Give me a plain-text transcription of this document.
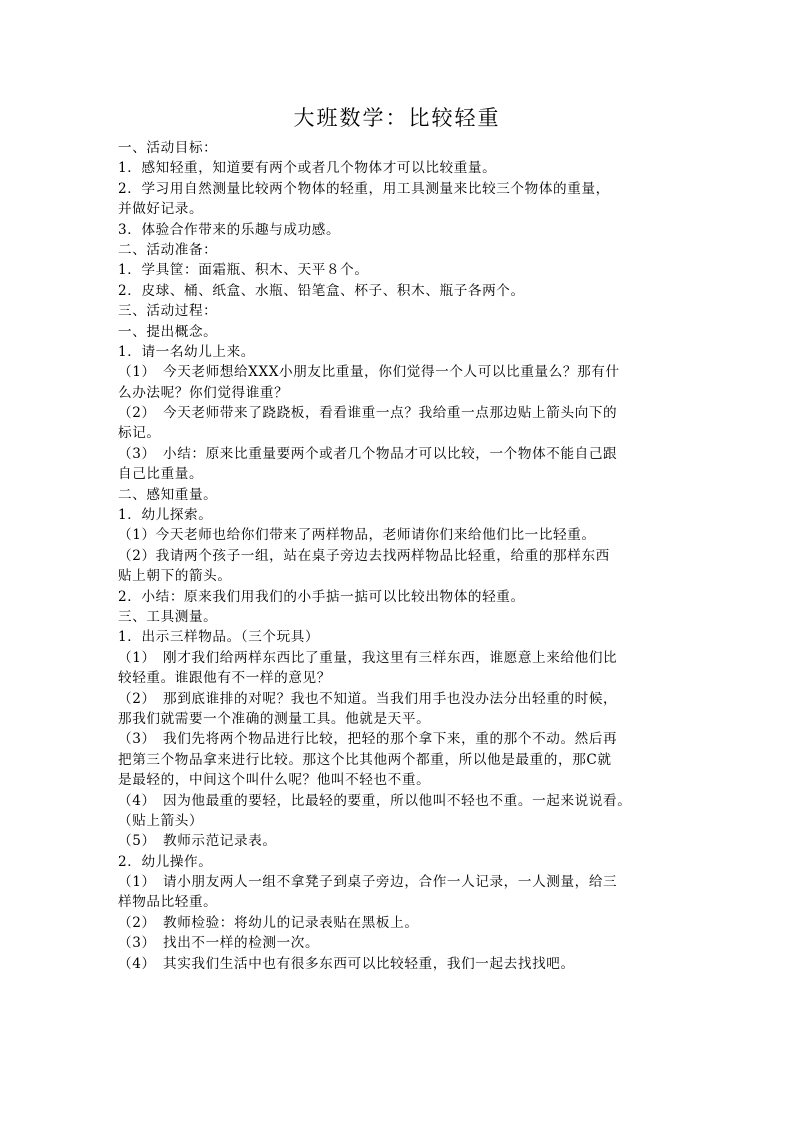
大班数学：比较轻重
一、活动目标：
1．感知轻重，知道要有两个或者几个物体才可以比较重量。
2．学习用自然测量比较两个物体的轻重，用工具测量来比较三个物体的重量，
并做好记录。
3．体验合作带来的乐趣与成功感。
二、活动准备：
1．学具筐：面霜瓶、积木、天平８个。
2．皮球、桶、纸盒、水瓶、铅笔盒、杯子、积木、瓶子各两个。
三、活动过程：
一、提出概念。
1．请一名幼儿上来。
（1）　今天老师想给XXX小朋友比重量，你们觉得一个人可以比重量么？那有什
么办法呢？你们觉得谁重？
（2）　今天老师带来了跷跷板，看看谁重一点？我给重一点那边贴上箭头向下的
标记。
（3）　小结：原来比重量要两个或者几个物品才可以比较，一个物体不能自己跟
自己比重量。
二、感知重量。
1．幼儿探索。
（1）今天老师也给你们带来了两样物品，老师请你们来给他们比一比轻重。
（2）我请两个孩子一组，站在桌子旁边去找两样物品比轻重，给重的那样东西
贴上朝下的箭头。
2．小结：原来我们用我们的小手掂一掂可以比较出物体的轻重。
三、工具测量。
1．出示三样物品。（三个玩具）
（1）　刚才我们给两样东西比了重量，我这里有三样东西，谁愿意上来给他们比
较轻重。谁跟他有不一样的意见？
（2）　那到底谁排的对呢？我也不知道。当我们用手也没办法分出轻重的时候，
那我们就需要一个准确的测量工具。他就是天平。
（3）　我们先将两个物品进行比较，把轻的那个拿下来，重的那个不动。然后再
把第三个物品拿来进行比较。那这个比其他两个都重，所以他是最重的，那C就
是最轻的，中间这个叫什么呢？他叫不轻也不重。
（4）　因为他最重的要轻，比最轻的要重，所以他叫不轻也不重。一起来说说看。
（贴上箭头）
（5）　教师示范记录表。
2．幼儿操作。
（1）　请小朋友两人一组不拿凳子到桌子旁边，合作一人记录，一人测量，给三
样物品比轻重。
（2）　教师检验：将幼儿的记录表贴在黑板上。
（3）　找出不一样的检测一次。
（4）　其实我们生活中也有很多东西可以比较轻重，我们一起去找找吧。
